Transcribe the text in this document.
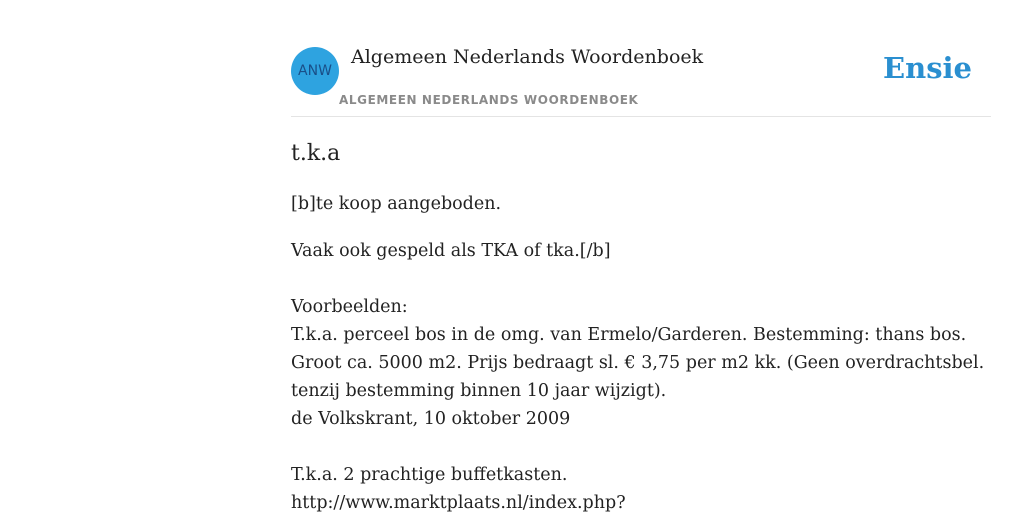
ANW
Algemeen Nederlands Woordenboek
ALGEMEEN NEDERLANDS WOORDENBOEK
Ensie
t.k.a

[b]te koop aangeboden.

Vaak ook gespeld als TKA of tka.[/b]

Voorbeelden:

T.k.a. perceel bos in de omg. van Ermelo/Garderen. Bestemming: thans bos. Groot ca. 5000 m2. Prijs bedraagt sl. € 3,75 per m2 kk. (Geen overdrachtsbel. tenzij bestemming binnen 10 jaar wijzigt).

de Volkskrant, 10 oktober 2009

T.k.a. 2 prachtige buffetkasten.

http://www.marktplaats.nl/index.php?
